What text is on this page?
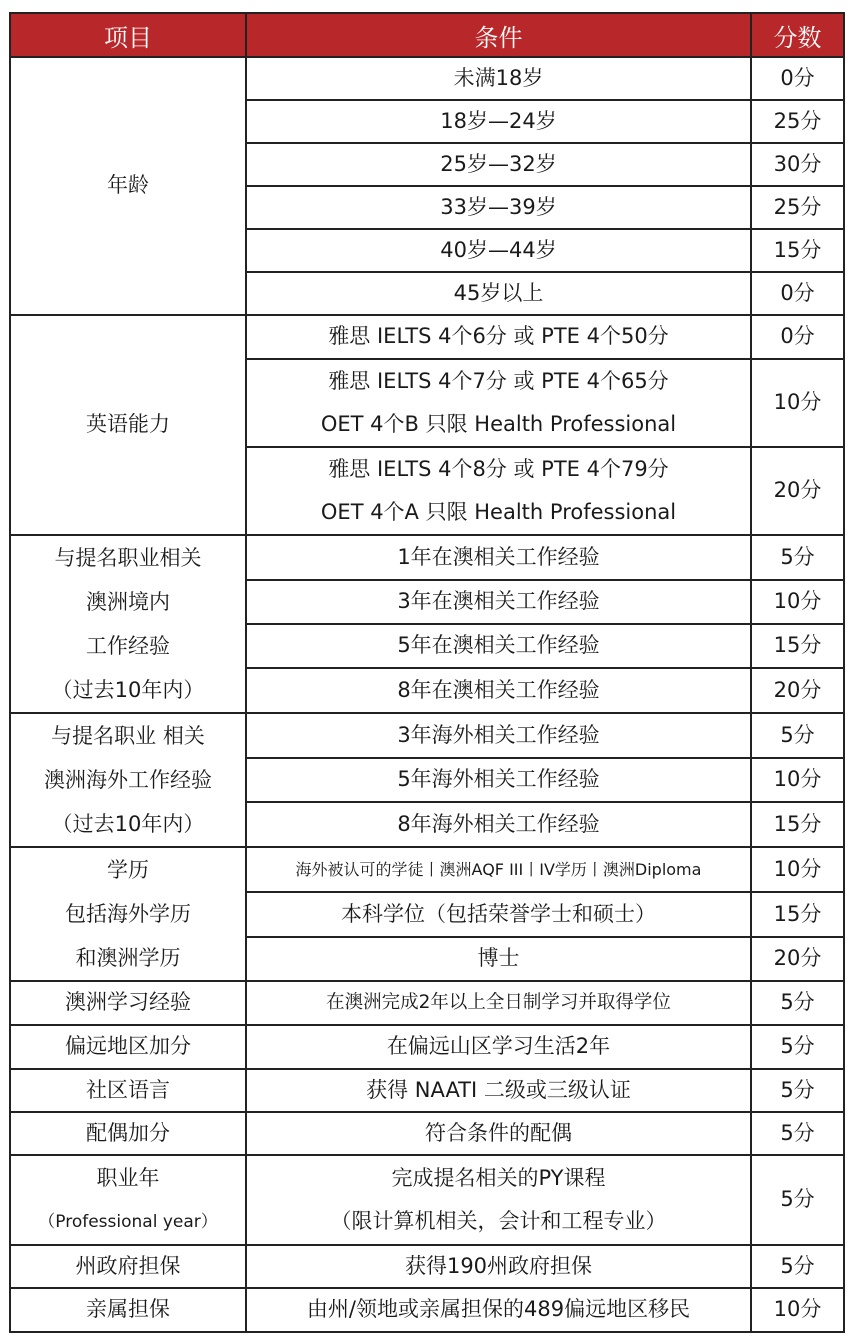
项目	条件	分数

年龄	未满18岁	0分

	18岁—24岁	25分

	25岁—32岁	30分

	33岁—39岁	25分

	40岁—44岁	15分

	45岁以上	0分

英语能力	雅思 IELTS 4个6分 或 PTE 4个50分	0分

	雅思 IELTS 4个7分 或 PTE 4个65分
OET 4个B 只限 Health Professional	10分

	雅思 IELTS 4个8分 或 PTE 4个79分
OET 4个A 只限 Health Professional	20分

与提名职业相关
澳洲境内
工作经验
（过去10年内）	1年在澳相关工作经验	5分

	3年在澳相关工作经验	10分

	5年在澳相关工作经验	15分

	8年在澳相关工作经验	20分

与提名职业 相关
澳洲海外工作经验
（过去10年内）	3年海外相关工作经验	5分

	5年海外相关工作经验	10分

	8年海外相关工作经验	15分

学历
包括海外学历
和澳洲学历	海外被认可的学徒丨澳洲AQF III丨IV学历丨澳洲Diploma	10分

	本科学位（包括荣誉学士和硕士）	15分

	博士	20分

澳洲学习经验	在澳洲完成2年以上全日制学习并取得学位	5分

偏远地区加分	在偏远山区学习生活2年	5分

社区语言	获得 NAATI 二级或三级认证	5分

配偶加分	符合条件的配偶	5分

职业年
（Professional year）	完成提名相关的PY课程
（限计算机相关，会计和工程专业）	5分

州政府担保	获得190州政府担保	5分

亲属担保	由州/领地或亲属担保的489偏远地区移民	10分
